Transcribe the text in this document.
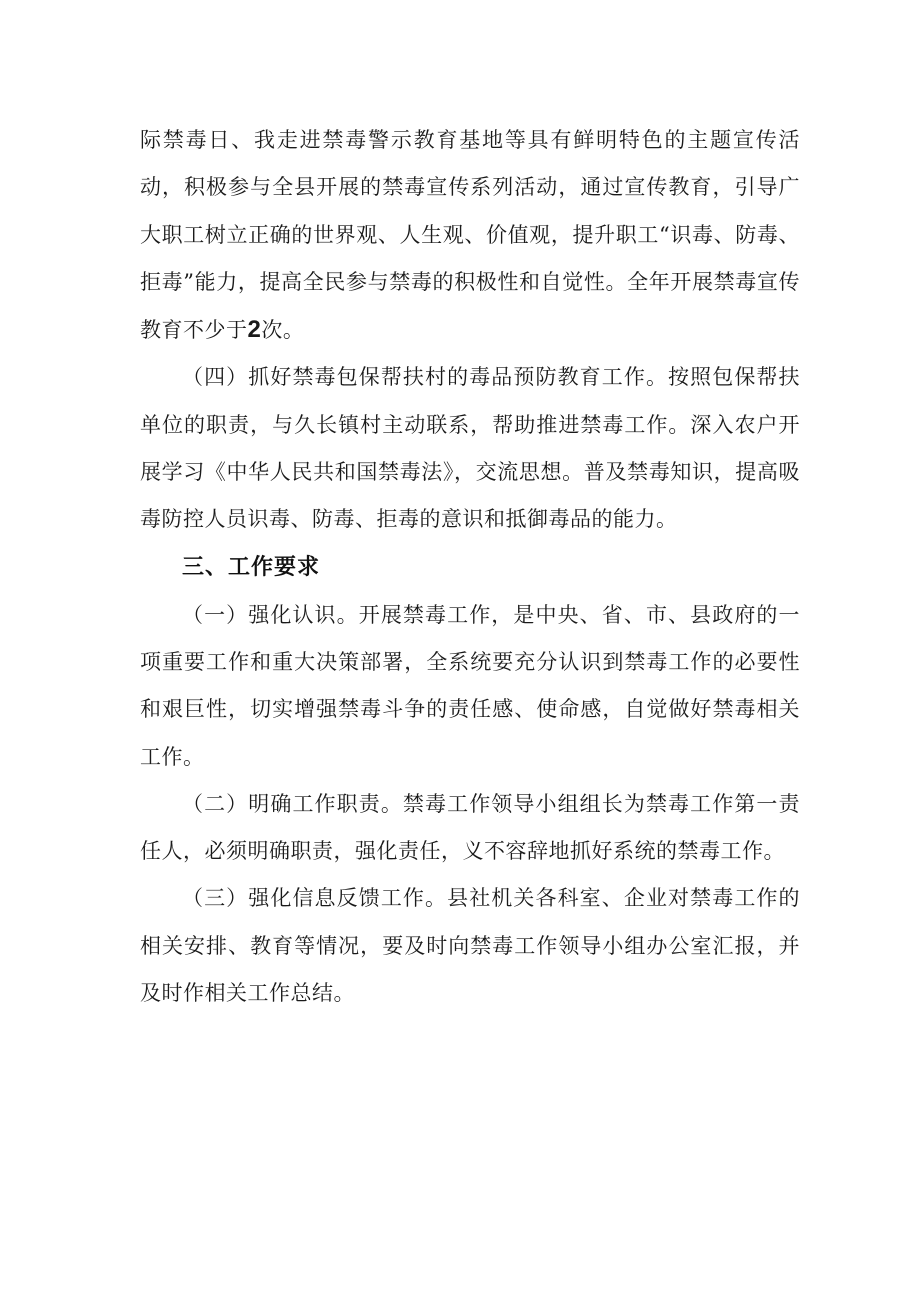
际禁毒日、我走进禁毒警示教育基地等具有鲜明特色的主题宣传活动，积极参与全县开展的禁毒宣传系列活动，通过宣传教育，引导广大职工树立正确的世界观、人生观、价值观，提升职工“识毒、防毒、拒毒”能力，提高全民参与禁毒的积极性和自觉性。全年开展禁毒宣传教育不少于2次。

（四）抓好禁毒包保帮扶村的毒品预防教育工作。按照包保帮扶单位的职责，与久长镇村主动联系，帮助推进禁毒工作。深入农户开展学习《中华人民共和国禁毒法》，交流思想。普及禁毒知识，提高吸毒防控人员识毒、防毒、拒毒的意识和抵御毒品的能力。

三、工作要求

（一）强化认识。开展禁毒工作，是中央、省、市、县政府的一项重要工作和重大决策部署，全系统要充分认识到禁毒工作的必要性和艰巨性，切实增强禁毒斗争的责任感、使命感，自觉做好禁毒相关工作。

（二）明确工作职责。禁毒工作领导小组组长为禁毒工作第一责任人，必须明确职责，强化责任，义不容辞地抓好系统的禁毒工作。

（三）强化信息反馈工作。县社机关各科室、企业对禁毒工作的相关安排、教育等情况，要及时向禁毒工作领导小组办公室汇报，并及时作相关工作总结。
